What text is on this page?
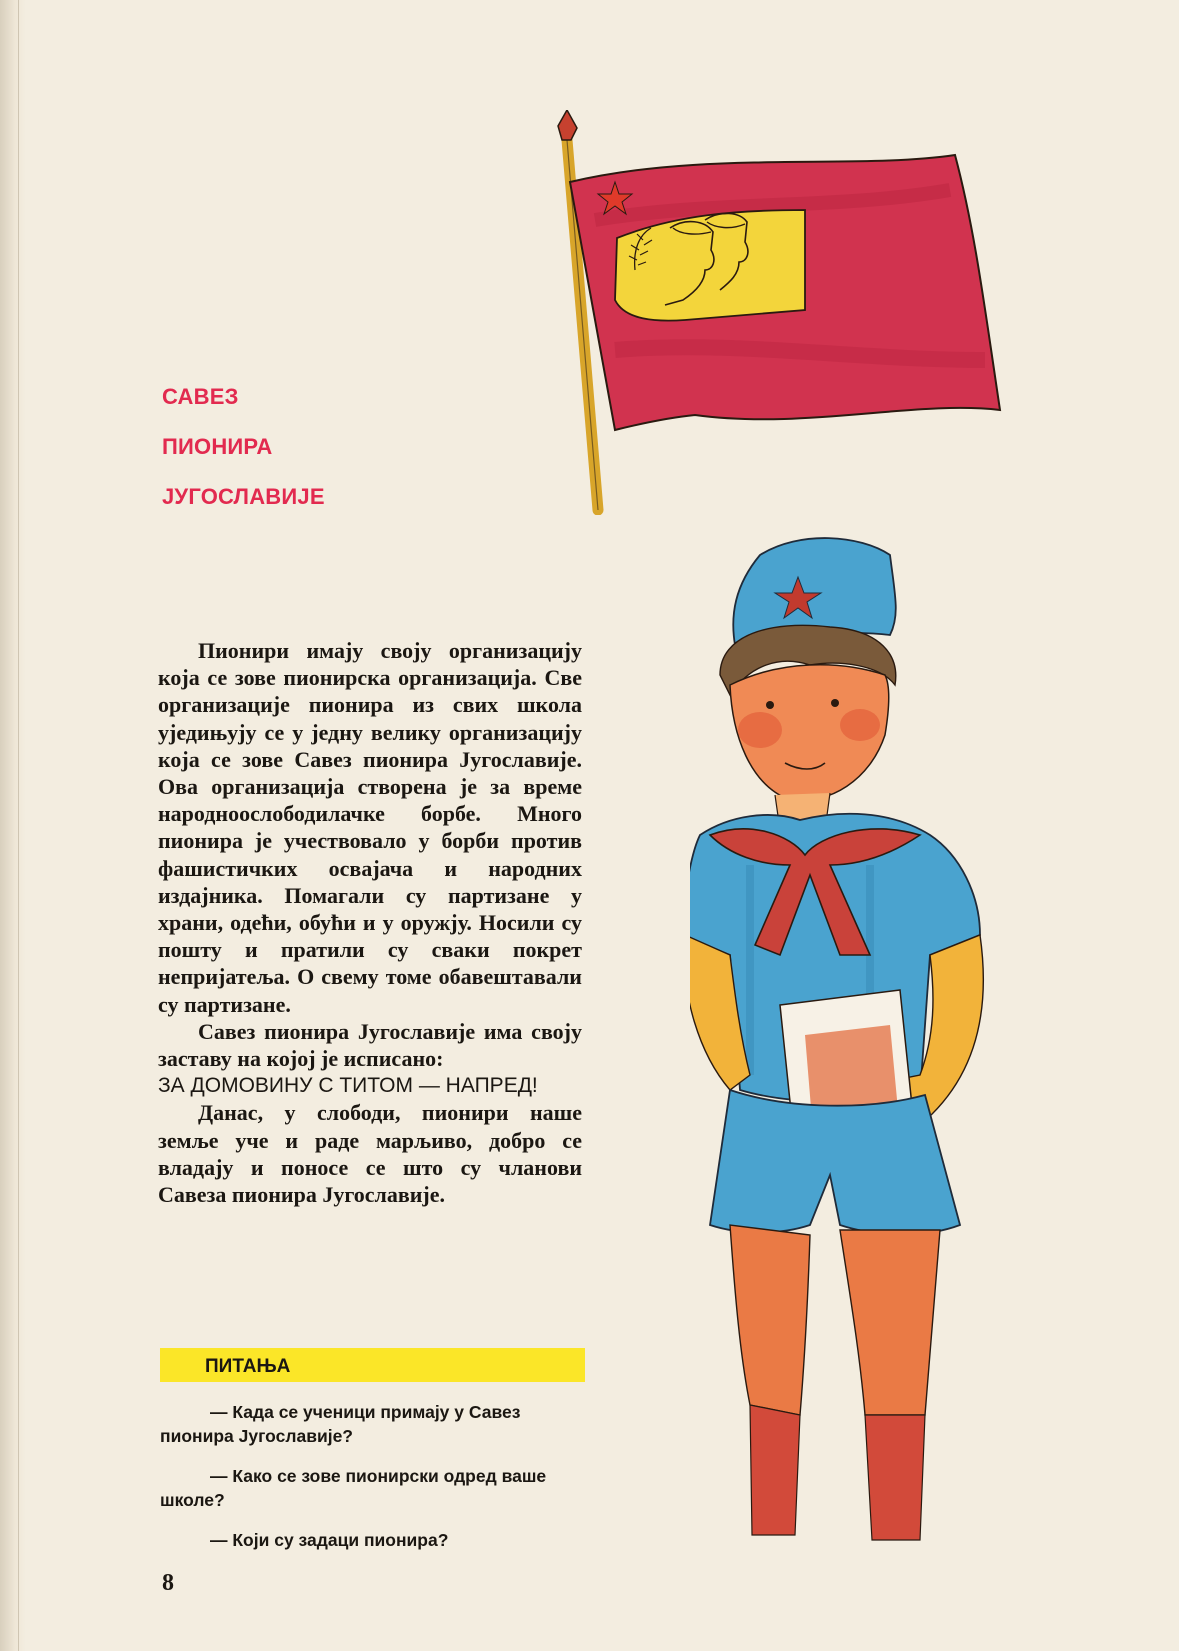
САВЕЗ
ПИОНИРА
ЈУГОСЛАВИЈЕ

Пионири имају своју организацију која се зове пионирска организација. Све организације пионира из свих школа уједињују се у једну велику организацију која се зове Савез пионира Југославије. Ова организација створена је за време народноослободилачке борбе. Много пионира је учествовало у борби против фашистичких освајача и народних издајника. Помагали су партизане у храни, одећи, обући и у оружју. Носили су пошту и пратили су сваки покрет непријатеља. О свему томе обавештавали су партизане.

Савез пионира Југославије има своју заставу на којој је исписано:

ЗА ДОМОВИНУ С ТИТОМ — НАПРЕД!

Данас, у слободи, пионири наше земље уче и раде марљиво, добро се владају и поносе се што су чланови Савеза пионира Југославије.

ПИТАЊА
— Када се ученици примају у Савез пионира Југославије?
— Како се зове пионирски одред ваше школе?
— Који су задаци пионира?
8
